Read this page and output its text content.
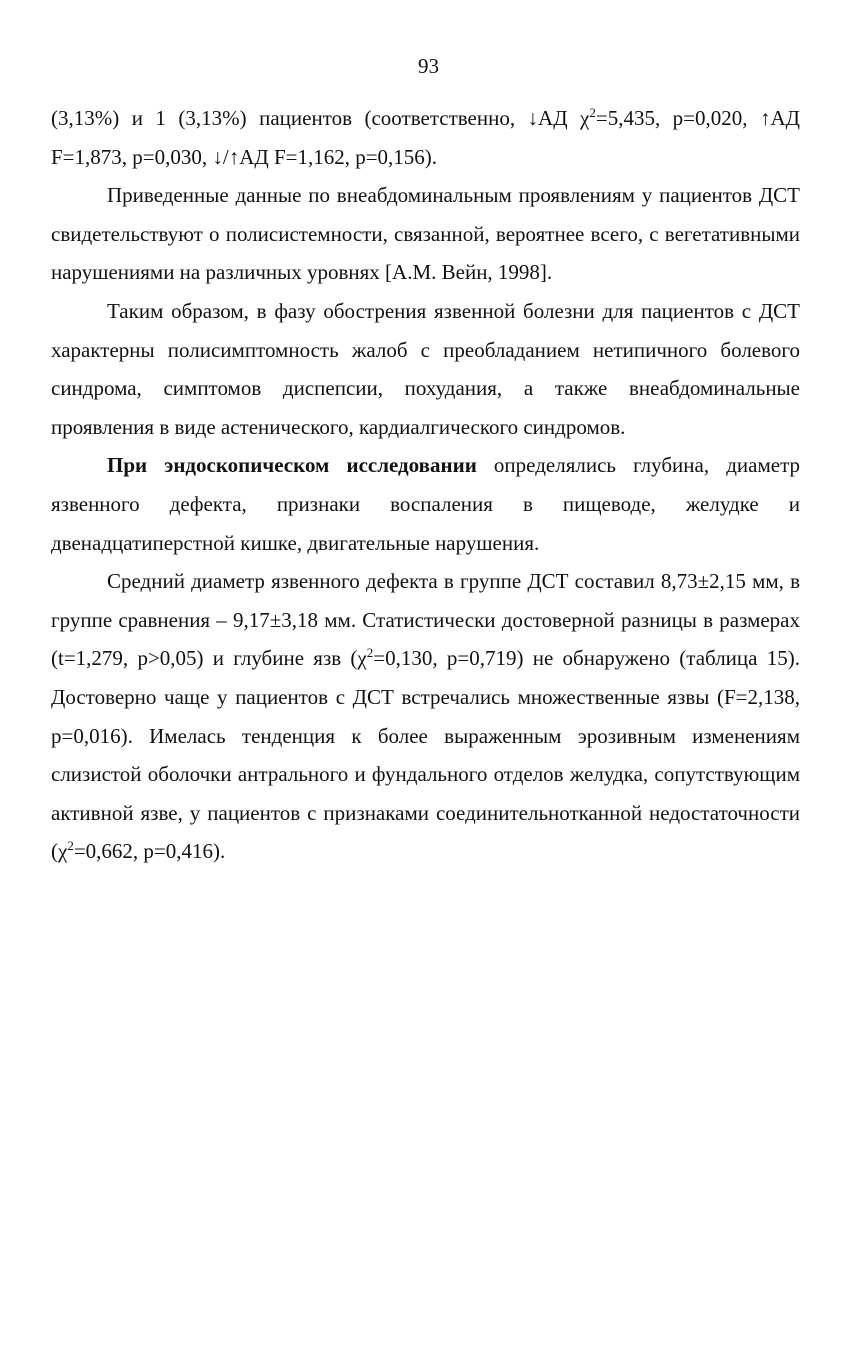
93

(3,13%) и 1 (3,13%) пациентов (соответственно, ↓АД $\chi^2=5,435$, p=0,020, ↑АД F=1,873, p=0,030, ↓/↑АД F=1,162, p=0,156).

Приведенные данные по внеабдоминальным проявлениям у пациентов ДСТ свидетельствуют о полисистемности, связанной, вероятнее всего, с вегетативными нарушениями на различных уровнях [А.М. Вейн, 1998].

Таким образом, в фазу обострения язвенной болезни для пациентов с ДСТ характерны полисимптомность жалоб с преобладанием нетипичного болевого синдрома, симптомов диспепсии, похудания, а также внеабдоминальные проявления в виде астенического, кардиалгического синдромов.

При эндоскопическом исследовании определялись глубина, диаметр язвенного дефекта, признаки воспаления в пищеводе, желудке и двенадцатиперстной кишке, двигательные нарушения.

Средний диаметр язвенного дефекта в группе ДСТ составил 8,73±2,15 мм, в группе сравнения – 9,17±3,18 мм. Статистически достоверной разницы в размерах (t=1,279, p>0,05) и глубине язв ($\chi^2=0,130$, p=0,719) не обнаружено (таблица 15). Достоверно чаще у пациентов с ДСТ встречались множественные язвы (F=2,138, p=0,016). Имелась тенденция к более выраженным эрозивным изменениям слизистой оболочки антрального и фундального отделов желудка, сопутствующим активной язве, у пациентов с признаками соединительнотканной недостаточности ($\chi^2=0,662$, p=0,416).
